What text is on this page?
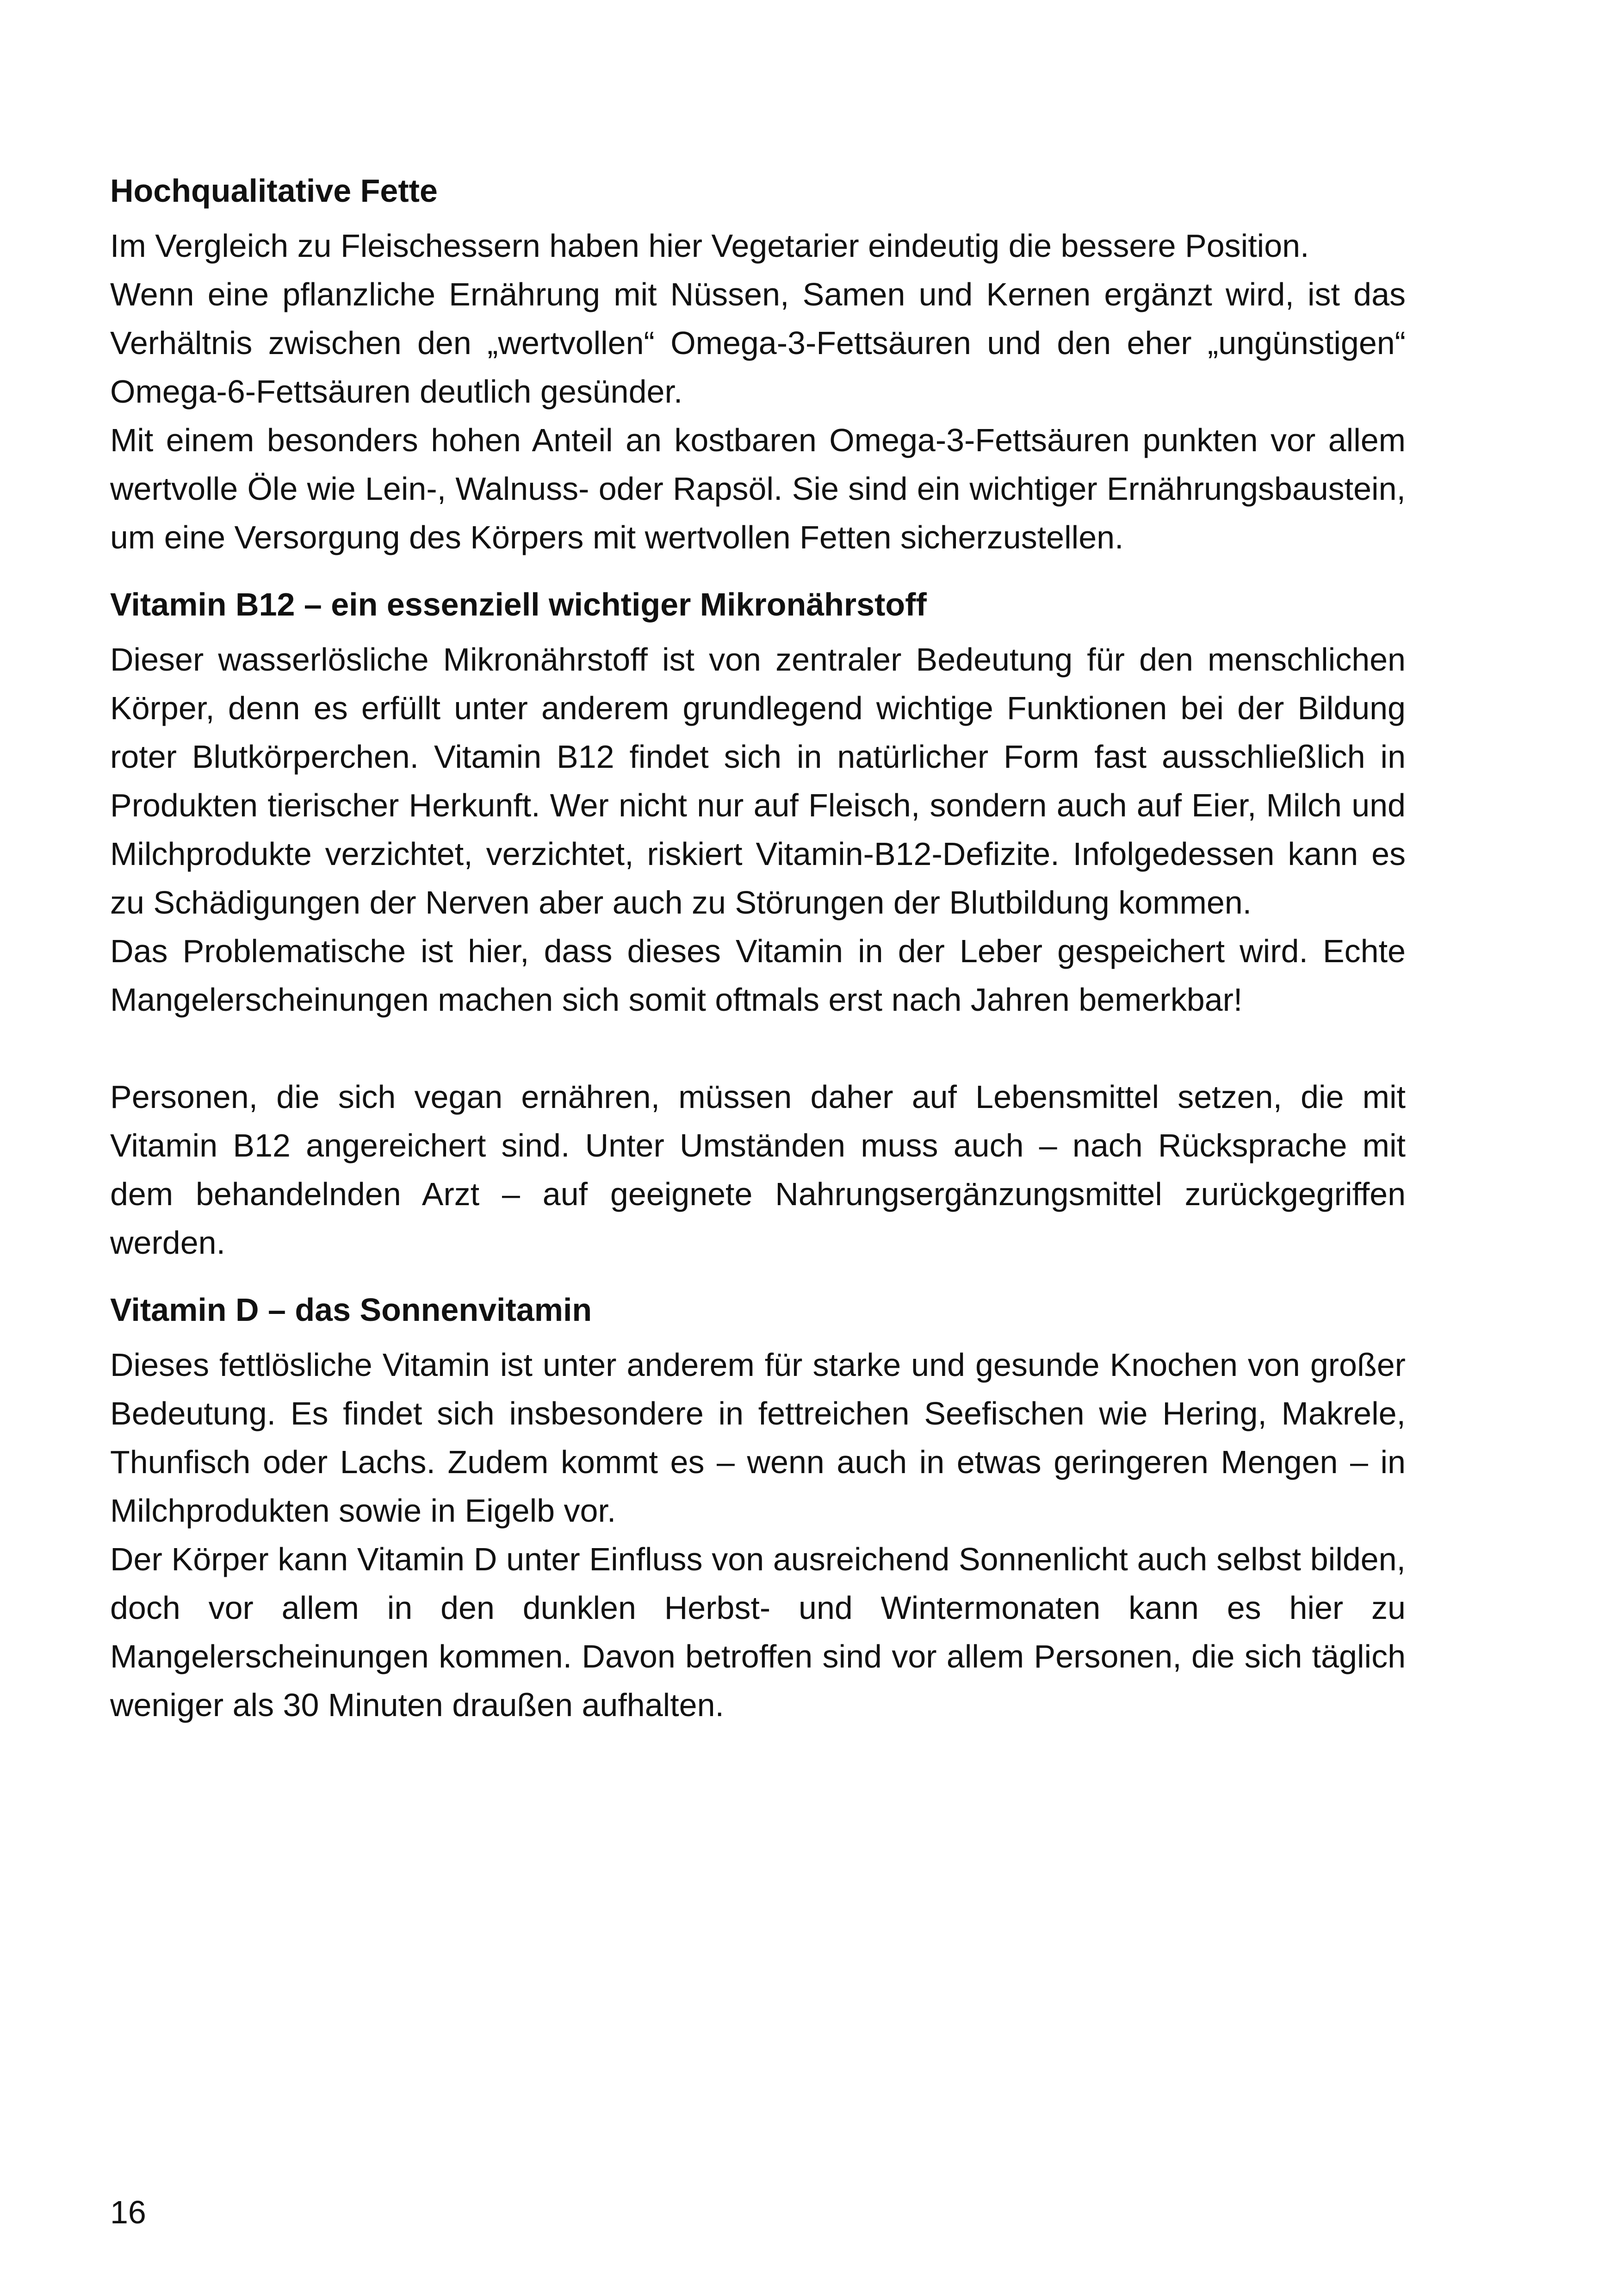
Hochqualitative Fette

Im Vergleich zu Fleischessern haben hier Vegetarier eindeutig die bessere Position.

Wenn eine pflanzliche Ernährung mit Nüssen, Samen und Kernen ergänzt wird, ist das Verhältnis zwischen den „wertvollen“ Omega-3-Fettsäuren und den eher „ungünstigen“ Omega-6-Fettsäuren deutlich gesünder.

Mit einem besonders hohen Anteil an kostbaren Omega-3-Fettsäuren punkten vor allem wertvolle Öle wie Lein-, Walnuss- oder Rapsöl. Sie sind ein wichtiger Ernährungsbaustein, um eine Versorgung des Körpers mit wertvollen Fetten sicherzustellen.

Vitamin B12 – ein essenziell wichtiger Mikronährstoff

Dieser wasserlösliche Mikronährstoff ist von zentraler Bedeutung für den menschlichen Körper, denn es erfüllt unter anderem grundlegend wichtige Funktionen bei der Bildung roter Blutkörperchen. Vitamin B12 findet sich in natürlicher Form fast ausschließlich in Produkten tierischer Herkunft. Wer nicht nur auf Fleisch, sondern auch auf Eier, Milch und Milchprodukte verzichtet, verzichtet, riskiert Vitamin-B12-Defizite. Infolgedessen kann es zu Schädigungen der Nerven aber auch zu Störungen der Blutbildung kommen.

Das Problematische ist hier, dass dieses Vitamin in der Leber gespeichert wird. Echte Mangelerscheinungen machen sich somit oftmals erst nach Jahren bemerkbar!

Personen, die sich vegan ernähren, müssen daher auf Lebensmittel setzen, die mit Vitamin B12 angereichert sind. Unter Umständen muss auch – nach Rücksprache mit dem behandelnden Arzt – auf geeignete Nahrungsergänzungsmittel zurückgegriffen werden.

Vitamin D – das Sonnenvitamin

Dieses fettlösliche Vitamin ist unter anderem für starke und gesunde Knochen von großer Bedeutung. Es findet sich insbesondere in fettreichen Seefischen wie Hering, Makrele, Thunfisch oder Lachs. Zudem kommt es – wenn auch in etwas geringeren Mengen – in Milchprodukten sowie in Eigelb vor.

Der Körper kann Vitamin D unter Einfluss von ausreichend Sonnenlicht auch selbst bilden, doch vor allem in den dunklen Herbst- und Wintermonaten kann es hier zu Mangelerscheinungen kommen. Davon betroffen sind vor allem Personen, die sich täglich weniger als 30 Minuten draußen aufhalten.

16
